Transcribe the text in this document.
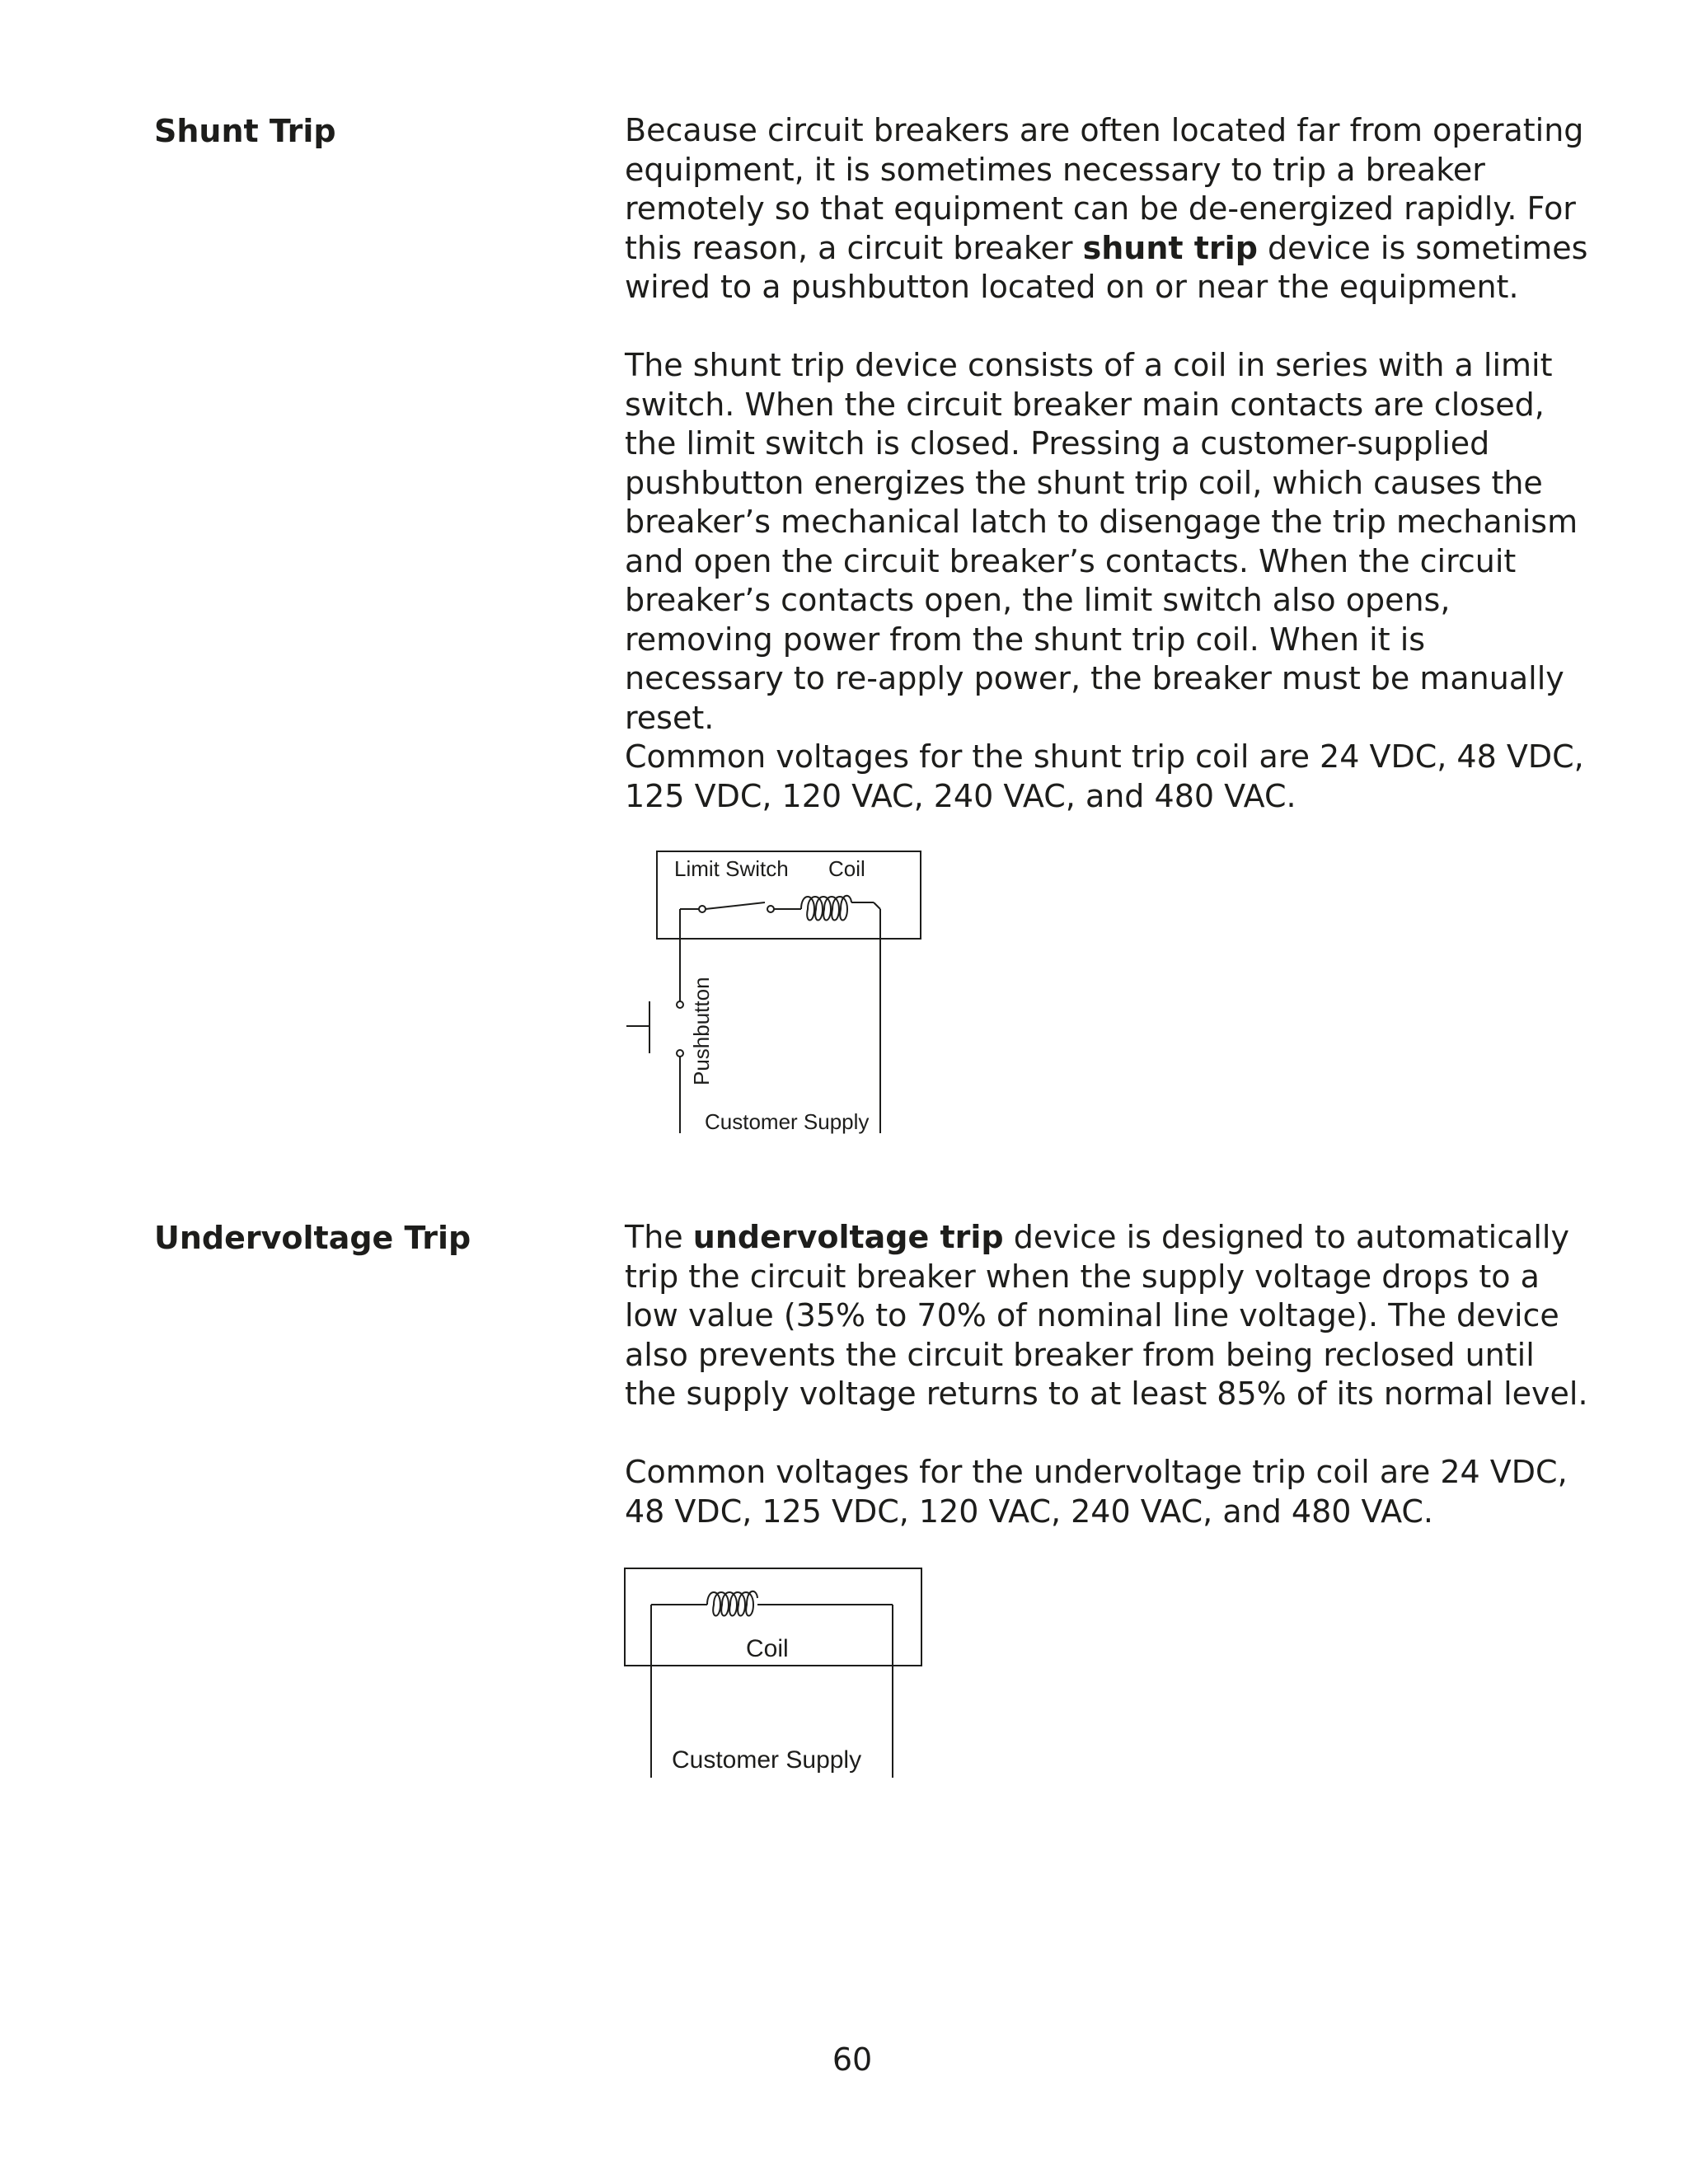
Shunt Trip	Because circuit breakers are often located far from operating equipment, it is sometimes necessary to trip a breaker remotely so that equipment can be de-energized rapidly. For this reason, a circuit breaker shunt trip device is sometimes wired to a pushbutton located on or near the equipment.

The shunt trip device consists of a coil in series with a limit switch. When the circuit breaker main contacts are closed, the limit switch is closed. Pressing a customer-supplied pushbutton energizes the shunt trip coil, which causes the breaker’s mechanical latch to disengage the trip mechanism and open the circuit breaker’s contacts. When the circuit breaker’s contacts open, the limit switch also opens, removing power from the shunt trip coil. When it is necessary to re-apply power, the breaker must be manually reset.

Common voltages for the shunt trip coil are 24 VDC, 48 VDC, 125 VDC, 120 VAC, 240 VAC, and 480 VAC.

Limit Switch Coil
Pushbutton
Customer Supply
Undervoltage Trip	The undervoltage trip device is designed to automatically trip the circuit breaker when the supply voltage drops to a low value (35% to 70% of nominal line voltage). The device also prevents the circuit breaker from being reclosed until the supply voltage returns to at least 85% of its normal level.

Common voltages for the undervoltage trip coil are 24 VDC, 48 VDC, 125 VDC, 120 VAC, 240 VAC, and 480 VAC.

Coil
Customer Supply
60
